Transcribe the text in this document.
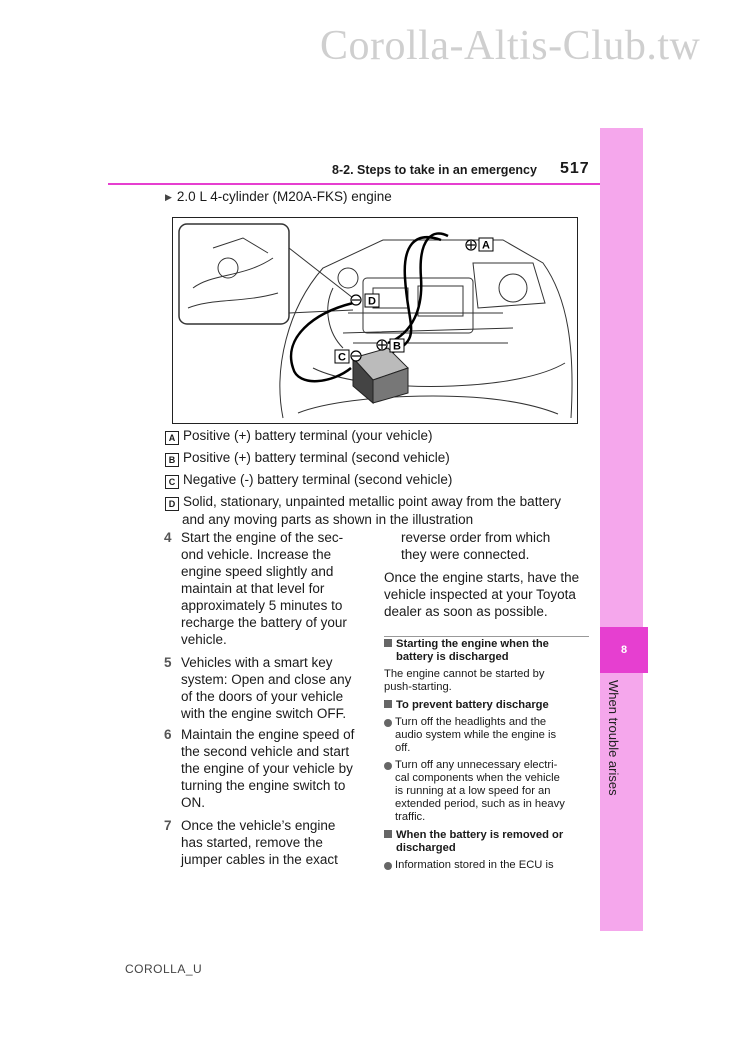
Corolla-Altis-Club.tw
8
When trouble arises
8-2. Steps to take in an emergency 517
▶ 2.0 L 4-cylinder (M20A-FKS) engine
A
D
B
C
A Positive (+) battery terminal (your vehicle)
B Positive (+) battery terminal (second vehicle)
C Negative (-) battery terminal (second vehicle)
D Solid, stationary, unpainted metallic point away from the battery
and any moving parts as shown in the illustration
4 Start the engine of the sec-
ond vehicle. Increase the
engine speed slightly and
maintain at that level for
approximately 5 minutes to
recharge the battery of your
vehicle.
5 Vehicles with a smart key
system: Open and close any
of the doors of your vehicle
with the engine switch OFF.
6 Maintain the engine speed of
the second vehicle and start
the engine of your vehicle by
turning the engine switch to
ON.
7 Once the vehicle’s engine
has started, remove the
jumper cables in the exact
reverse order from which
they were connected.
Once the engine starts, have the
vehicle inspected at your Toyota
dealer as soon as possible.
Starting the engine when the
battery is discharged
The engine cannot be started by
push-starting.
To prevent battery discharge
Turn off the headlights and the
audio system while the engine is
off.
Turn off any unnecessary electri-
cal components when the vehicle
is running at a low speed for an
extended period, such as in heavy
traffic.
When the battery is removed or
discharged
Information stored in the ECU is
COROLLA_U
